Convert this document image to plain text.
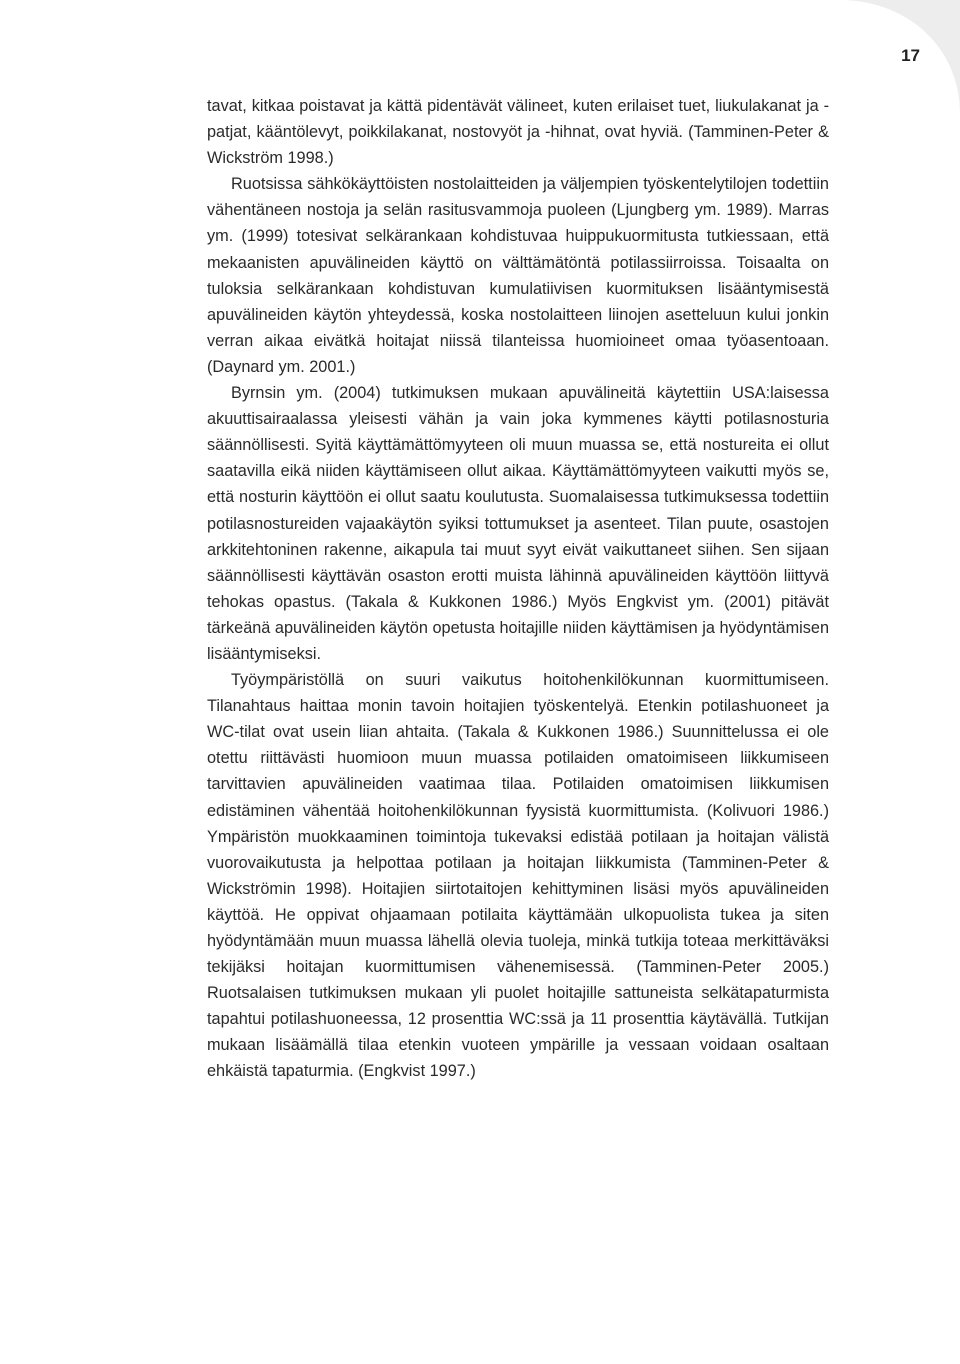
17

tavat, kitkaa poistavat ja kättä pidentävät välineet, kuten erilaiset tuet, liukulakanat ja -patjat, kääntölevyt, poikkilakanat, nostovyöt ja -hihnat, ovat hyviä. (Tamminen-Peter & Wickström 1998.)

Ruotsissa sähkökäyttöisten nostolaitteiden ja väljempien työskentelytilojen todettiin vähentäneen nostoja ja selän rasitusvammoja puoleen (Ljungberg ym. 1989). Marras ym. (1999) totesivat selkärankaan kohdistuvaa huippukuormitusta tutkiessaan, että mekaanisten apuvälineiden käyttö on välttämätöntä potilassiirroissa. Toisaalta on tuloksia selkärankaan kohdistuvan kumulatiivisen kuormituksen lisääntymisestä apuvälineiden käytön yhteydessä, koska nostolaitteen liinojen asetteluun kului jonkin verran aikaa eivätkä hoitajat niissä tilanteissa huomioineet omaa työasentoaan. (Daynard ym. 2001.)

Byrnsin ym. (2004) tutkimuksen mukaan apuvälineitä käytettiin USA:laisessa akuuttisairaalassa yleisesti vähän ja vain joka kymmenes käytti potilasnosturia säännöllisesti. Syitä käyttämättömyyteen oli muun muassa se, että nostureita ei ollut saatavilla eikä niiden käyttämiseen ollut aikaa. Käyttämättömyyteen vaikutti myös se, että nosturin käyttöön ei ollut saatu koulutusta. Suomalaisessa tutkimuksessa todettiin potilasnostureiden vajaakäytön syiksi tottumukset ja asenteet. Tilan puute, osastojen arkkitehtoninen rakenne, aikapula tai muut syyt eivät vaikuttaneet siihen. Sen sijaan säännöllisesti käyttävän osaston erotti muista lähinnä apuvälineiden käyttöön liittyvä tehokas opastus. (Takala & Kukkonen 1986.) Myös Engkvist ym. (2001) pitävät tärkeänä apuvälineiden käytön opetusta hoitajille niiden käyttämisen ja hyödyntämisen lisääntymiseksi.

Työympäristöllä on suuri vaikutus hoitohenkilökunnan kuormittumiseen. Tilanahtaus haittaa monin tavoin hoitajien työskentelyä. Etenkin potilashuoneet ja WC-tilat ovat usein liian ahtaita. (Takala & Kukkonen 1986.) Suunnittelussa ei ole otettu riittävästi huomioon muun muassa potilaiden omatoimiseen liikkumiseen tarvittavien apuvälineiden vaatimaa tilaa. Potilaiden omatoimisen liikkumisen edistäminen vähentää hoitohenkilökunnan fyysistä kuormittumista. (Kolivuori 1986.) Ympäristön muokkaaminen toimintoja tukevaksi edistää potilaan ja hoitajan välistä vuorovaikutusta ja helpottaa potilaan ja hoitajan liikkumista (Tamminen-Peter & Wickströmin 1998). Hoitajien siirtotaitojen kehittyminen lisäsi myös apuvälineiden käyttöä. He oppivat ohjaamaan potilaita käyttämään ulkopuolista tukea ja siten hyödyntämään muun muassa lähellä olevia tuoleja, minkä tutkija toteaa merkittäväksi tekijäksi hoitajan kuormittumisen vähenemisessä. (Tamminen-Peter 2005.) Ruotsalaisen tutkimuksen mukaan yli puolet hoitajille sattuneista selkätapaturmista tapahtui potilashuoneessa, 12 prosenttia WC:ssä ja 11 prosenttia käytävällä. Tutkijan mukaan lisäämällä tilaa etenkin vuoteen ympärille ja vessaan voidaan osaltaan ehkäistä tapaturmia. (Engkvist 1997.)
